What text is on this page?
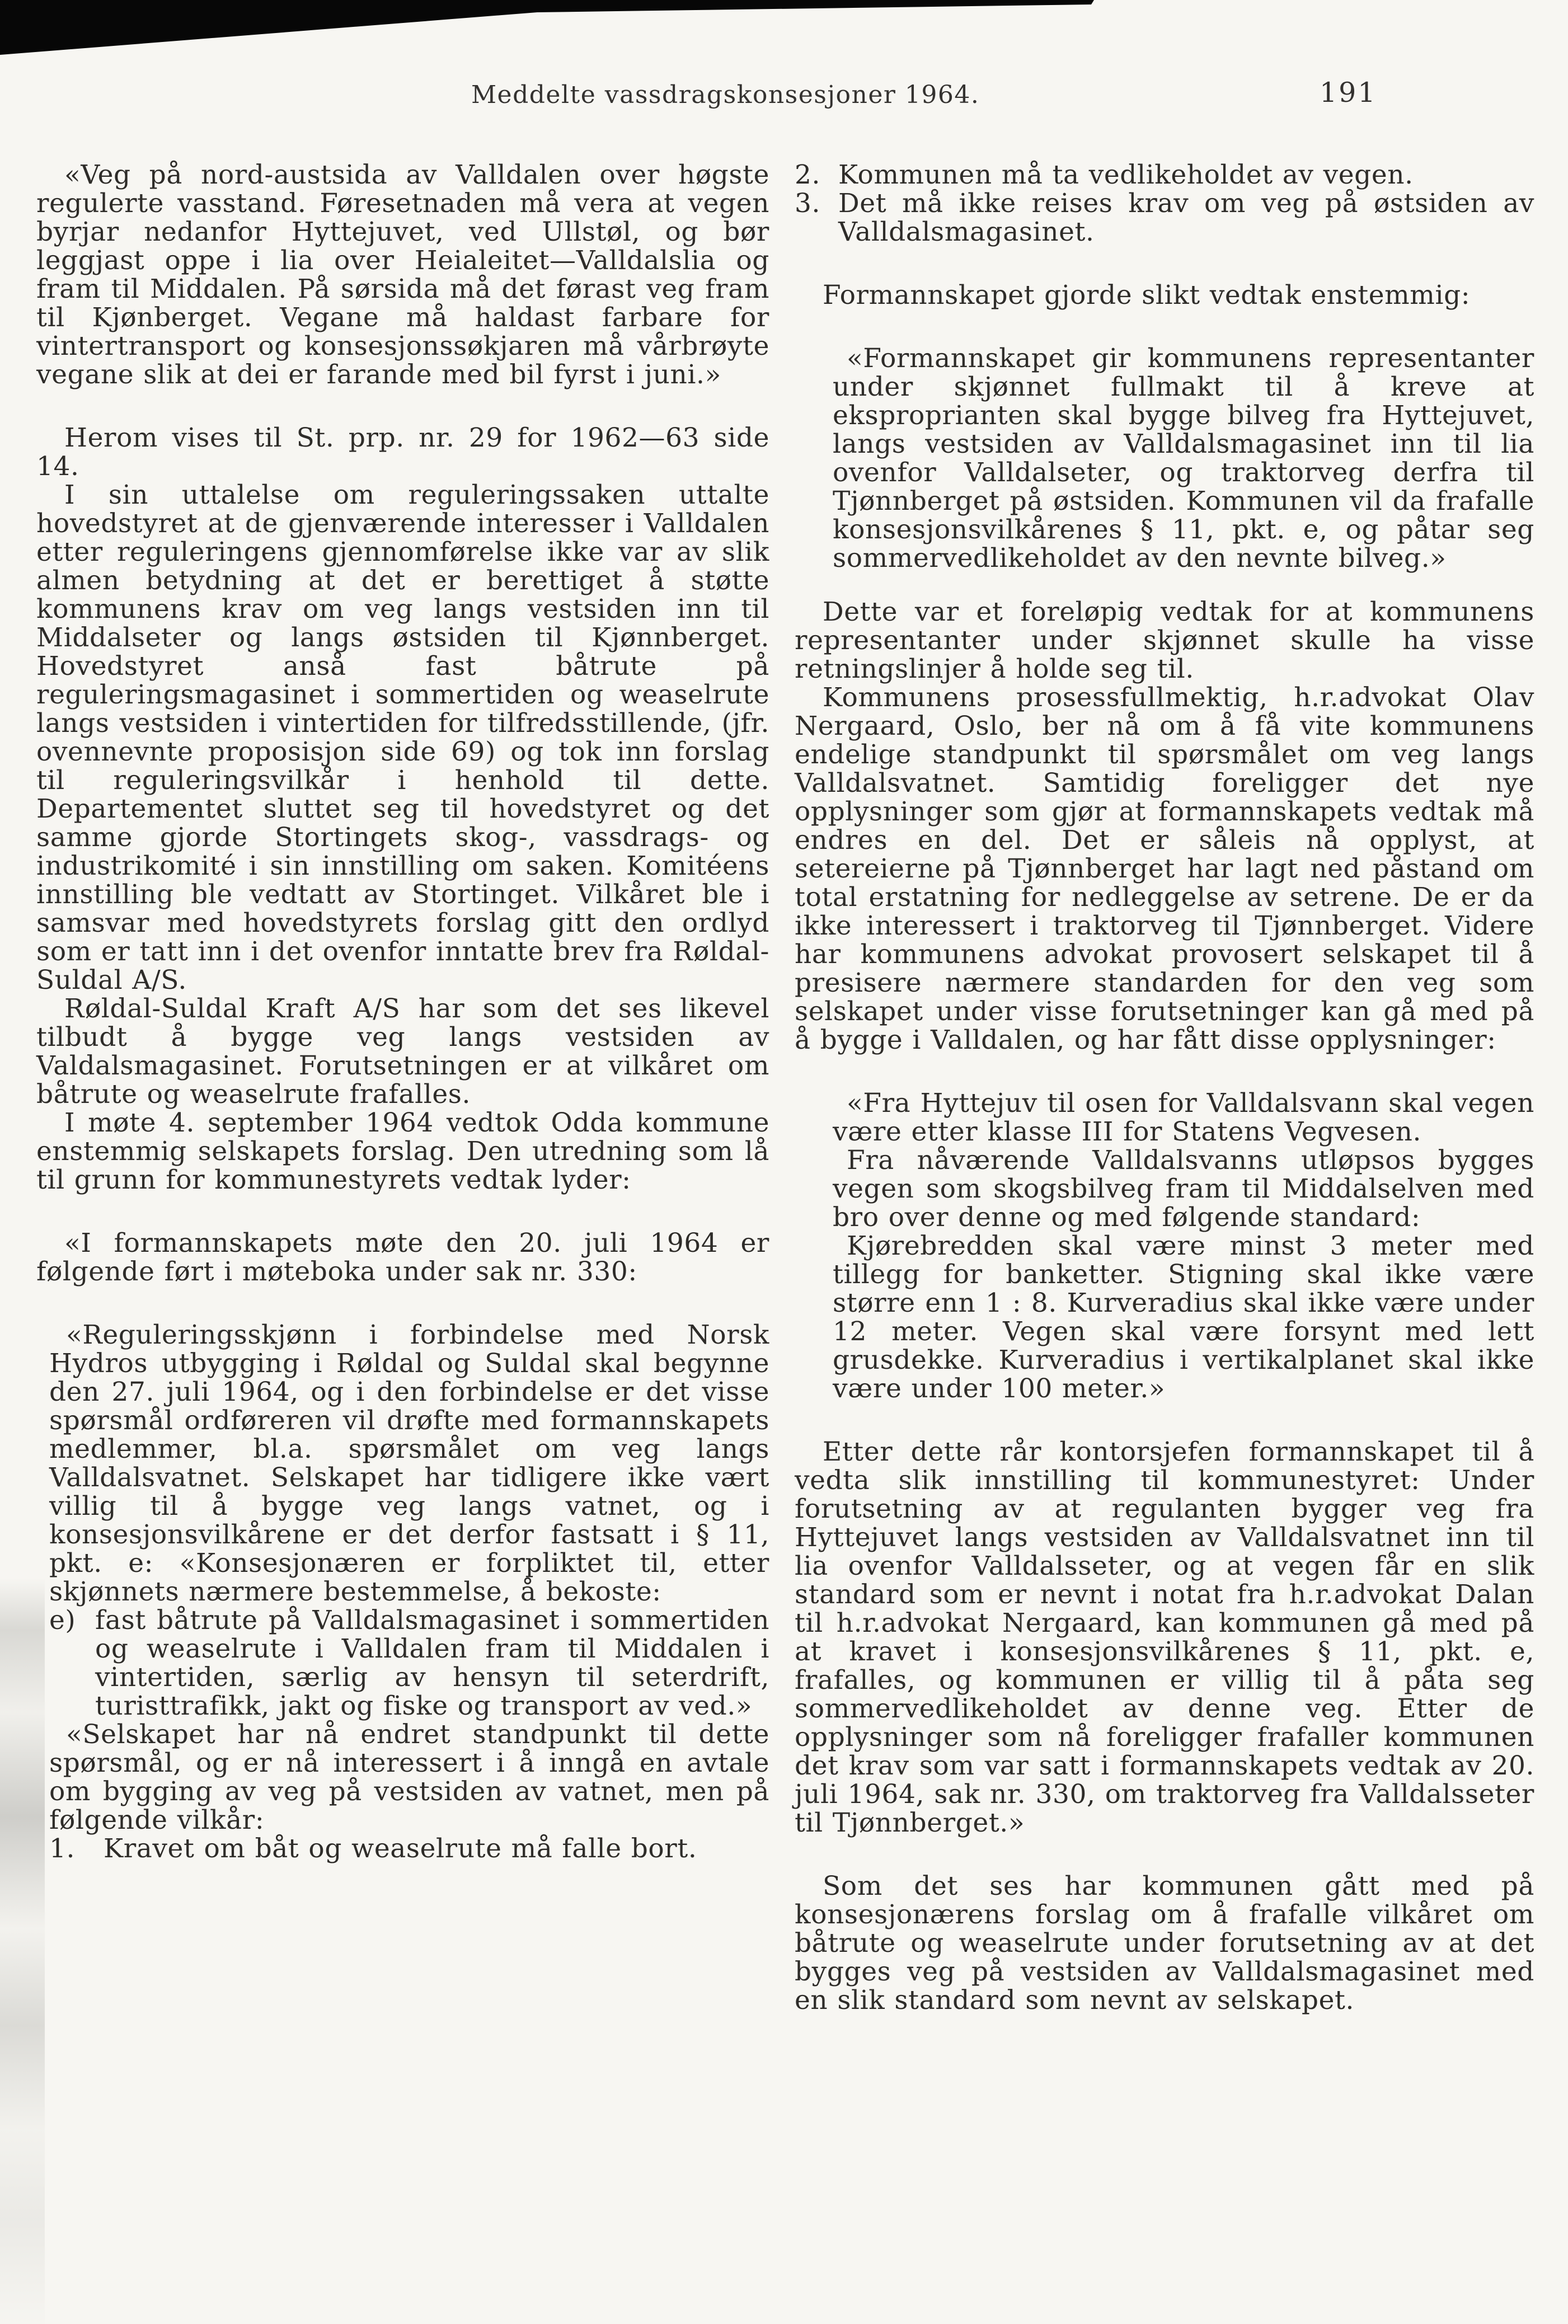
Meddelte vassdragskonsesjoner 1964.	191

«Veg på nord-austsida av Valldalen over høgste regulerte vasstand. Føresetnaden må vera at vegen byrjar nedanfor Hyttejuvet, ved Ullstøl, og bør leggjast oppe i lia over Heialeitet—Valldalslia og fram til Middalen. På sørsida må det førast veg fram til Kjønberget. Vegane må haldast farbare for vintertransport og konsesjonssøkjaren må vårbrøyte vegane slik at dei er farande med bil fyrst i juni.»

Herom vises til St. prp. nr. 29 for 1962—63 side 14.

I sin uttalelse om reguleringssaken uttalte hovedstyret at de gjenværende interesser i Valldalen etter reguleringens gjennomførelse ikke var av slik almen betydning at det er berettiget å støtte kommunens krav om veg langs vestsiden inn til Middalseter og langs østsiden til Kjønnberget. Hovedstyret anså fast båtrute på reguleringsmagasinet i sommertiden og weaselrute langs vestsiden i vintertiden for tilfredsstillende, (jfr. ovennevnte proposisjon side 69) og tok inn forslag til reguleringsvilkår i henhold til dette. Departementet sluttet seg til hovedstyret og det samme gjorde Stortingets skog-, vassdrags- og industrikomité i sin innstilling om saken. Komitéens innstilling ble vedtatt av Stortinget. Vilkåret ble i samsvar med hovedstyrets forslag gitt den ordlyd som er tatt inn i det ovenfor inntatte brev fra Røldal-Suldal A/S.

Røldal-Suldal Kraft A/S har som det ses likevel tilbudt å bygge veg langs vestsiden av Valdalsmagasinet. Forutsetningen er at vilkåret om båtrute og weaselrute frafalles.

I møte 4. september 1964 vedtok Odda kommune enstemmig selskapets forslag. Den utredning som lå til grunn for kommunestyrets vedtak lyder:

«I formannskapets møte den 20. juli 1964 er følgende ført i møteboka under sak nr. 330:

«Reguleringsskjønn i forbindelse med Norsk Hydros utbygging i Røldal og Suldal skal begynne den 27. juli 1964, og i den forbindelse er det visse spørsmål ordføreren vil drøfte med formannskapets medlemmer, bl.a. spørsmålet om veg langs Valldalsvatnet. Selskapet har tidligere ikke vært villig til å bygge veg langs vatnet, og i konsesjonsvilkårene er det derfor fastsatt i § 11, pkt. e: «Konsesjonæren er forpliktet til, etter skjønnets nærmere bestemmelse, å bekoste:

e) fast båtrute på Valldalsmagasinet i sommertiden og weaselrute i Valldalen fram til Middalen i vintertiden, særlig av hensyn til seterdrift, turisttrafikk, jakt og fiske og transport av ved.»

«Selskapet har nå endret standpunkt til dette spørsmål, og er nå interessert i å inngå en avtale om bygging av veg på vestsiden av vatnet, men på følgende vilkår:

1. Kravet om båt og weaselrute må falle bort.

2. Kommunen må ta vedlikeholdet av vegen.

3. Det må ikke reises krav om veg på østsiden av Valldalsmagasinet.

Formannskapet gjorde slikt vedtak enstemmig:

«Formannskapet gir kommunens representanter under skjønnet fullmakt til å kreve at eksproprianten skal bygge bilveg fra Hyttejuvet, langs vestsiden av Valldalsmagasinet inn til lia ovenfor Valldalseter, og traktorveg derfra til Tjønnberget på østsiden. Kommunen vil da frafalle konsesjonsvilkårenes § 11, pkt. e, og påtar seg sommervedlikeholdet av den nevnte bilveg.»

Dette var et foreløpig vedtak for at kommunens representanter under skjønnet skulle ha visse retningslinjer å holde seg til.

Kommunens prosessfullmektig, h.r.advokat Olav Nergaard, Oslo, ber nå om å få vite kommunens endelige standpunkt til spørsmålet om veg langs Valldalsvatnet. Samtidig foreligger det nye opplysninger som gjør at formannskapets vedtak må endres en del. Det er såleis nå opplyst, at setereierne på Tjønnberget har lagt ned påstand om total erstatning for nedleggelse av setrene. De er da ikke interessert i traktorveg til Tjønnberget. Videre har kommunens advokat provosert selskapet til å presisere nærmere standarden for den veg som selskapet under visse forutsetninger kan gå med på å bygge i Valldalen, og har fått disse opplysninger:

«Fra Hyttejuv til osen for Valldalsvann skal vegen være etter klasse III for Statens Vegvesen.

Fra nåværende Valldalsvanns utløpsos bygges vegen som skogsbilveg fram til Middalselven med bro over denne og med følgende standard:

Kjørebredden skal være minst 3 meter med tillegg for banketter. Stigning skal ikke være større enn 1 : 8. Kurveradius skal ikke være under 12 meter. Vegen skal være forsynt med lett grusdekke. Kurveradius i vertikalplanet skal ikke være under 100 meter.»

Etter dette rår kontorsjefen formannskapet til å vedta slik innstilling til kommunestyret: Under forutsetning av at regulanten bygger veg fra Hyttejuvet langs vestsiden av Valldalsvatnet inn til lia ovenfor Valldalsseter, og at vegen får en slik standard som er nevnt i notat fra h.r.advokat Dalan til h.r.advokat Nergaard, kan kommunen gå med på at kravet i konsesjonsvilkårenes § 11, pkt. e, frafalles, og kommunen er villig til å påta seg sommervedlikeholdet av denne veg. Etter de opplysninger som nå foreligger frafaller kommunen det krav som var satt i formannskapets vedtak av 20. juli 1964, sak nr. 330, om traktorveg fra Valldalsseter til Tjønnberget.»

Som det ses har kommunen gått med på konsesjonærens forslag om å frafalle vilkåret om båtrute og weaselrute under forutsetning av at det bygges veg på vestsiden av Valldalsmagasinet med en slik standard som nevnt av selskapet.
